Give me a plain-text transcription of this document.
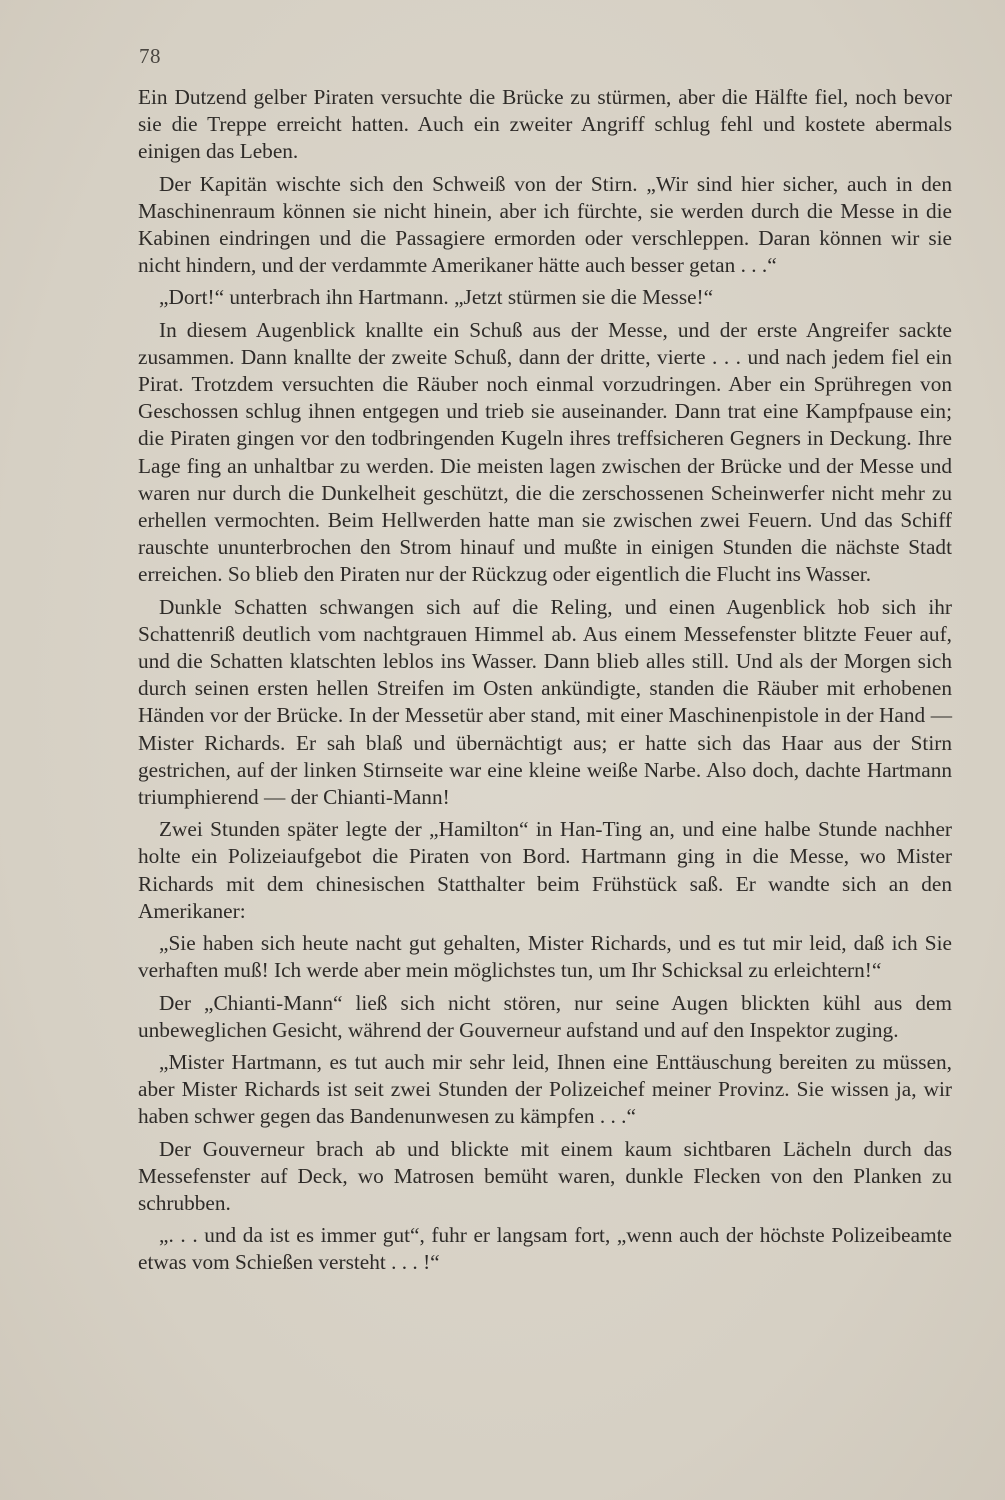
78

Ein Dutzend gelber Piraten versuchte die Brücke zu stürmen, aber die Hälfte fiel, noch bevor sie die Treppe erreicht hatten. Auch ein zweiter Angriff schlug fehl und kostete abermals einigen das Leben.

Der Kapitän wischte sich den Schweiß von der Stirn. „Wir sind hier sicher, auch in den Maschinenraum können sie nicht hinein, aber ich fürchte, sie werden durch die Messe in die Kabinen eindringen und die Passagiere ermorden oder verschleppen. Daran können wir sie nicht hindern, und der verdammte Amerikaner hätte auch besser getan . . .“

„Dort!“ unterbrach ihn Hartmann. „Jetzt stürmen sie die Messe!“

In diesem Augenblick knallte ein Schuß aus der Messe, und der erste Angreifer sackte zusammen. Dann knallte der zweite Schuß, dann der dritte, vierte . . . und nach jedem fiel ein Pirat. Trotzdem versuchten die Räuber noch einmal vorzudringen. Aber ein Sprühregen von Geschossen schlug ihnen entgegen und trieb sie auseinander. Dann trat eine Kampfpause ein; die Piraten gingen vor den todbringenden Kugeln ihres treffsicheren Gegners in Deckung. Ihre Lage fing an unhaltbar zu werden. Die meisten lagen zwischen der Brücke und der Messe und waren nur durch die Dunkelheit geschützt, die die zerschossenen Scheinwerfer nicht mehr zu erhellen vermochten. Beim Hellwerden hatte man sie zwischen zwei Feuern. Und das Schiff rauschte ununterbrochen den Strom hinauf und mußte in einigen Stunden die nächste Stadt erreichen. So blieb den Piraten nur der Rückzug oder eigentlich die Flucht ins Wasser.

Dunkle Schatten schwangen sich auf die Reling, und einen Augenblick hob sich ihr Schattenriß deutlich vom nachtgrauen Himmel ab. Aus einem Messefenster blitzte Feuer auf, und die Schatten klatschten leblos ins Wasser. Dann blieb alles still. Und als der Morgen sich durch seinen ersten hellen Streifen im Osten ankündigte, standen die Räuber mit erhobenen Händen vor der Brücke. In der Messetür aber stand, mit einer Maschinenpistole in der Hand — Mister Richards. Er sah blaß und übernächtigt aus; er hatte sich das Haar aus der Stirn gestrichen, auf der linken Stirnseite war eine kleine weiße Narbe. Also doch, dachte Hartmann triumphierend — der Chianti-Mann!

Zwei Stunden später legte der „Hamilton“ in Han-Ting an, und eine halbe Stunde nachher holte ein Polizeiaufgebot die Piraten von Bord. Hartmann ging in die Messe, wo Mister Richards mit dem chinesischen Statthalter beim Frühstück saß. Er wandte sich an den Amerikaner:

„Sie haben sich heute nacht gut gehalten, Mister Richards, und es tut mir leid, daß ich Sie verhaften muß! Ich werde aber mein möglichstes tun, um Ihr Schicksal zu erleichtern!“

Der „Chianti-Mann“ ließ sich nicht stören, nur seine Augen blickten kühl aus dem unbeweglichen Gesicht, während der Gouverneur aufstand und auf den Inspektor zuging.

„Mister Hartmann, es tut auch mir sehr leid, Ihnen eine Enttäuschung bereiten zu müssen, aber Mister Richards ist seit zwei Stunden der Polizeichef meiner Provinz. Sie wissen ja, wir haben schwer gegen das Bandenunwesen zu kämpfen . . .“

Der Gouverneur brach ab und blickte mit einem kaum sichtbaren Lächeln durch das Messefenster auf Deck, wo Matrosen bemüht waren, dunkle Flecken von den Planken zu schrubben.

„. . . und da ist es immer gut“, fuhr er langsam fort, „wenn auch der höchste Polizeibeamte etwas vom Schießen versteht . . . !“
